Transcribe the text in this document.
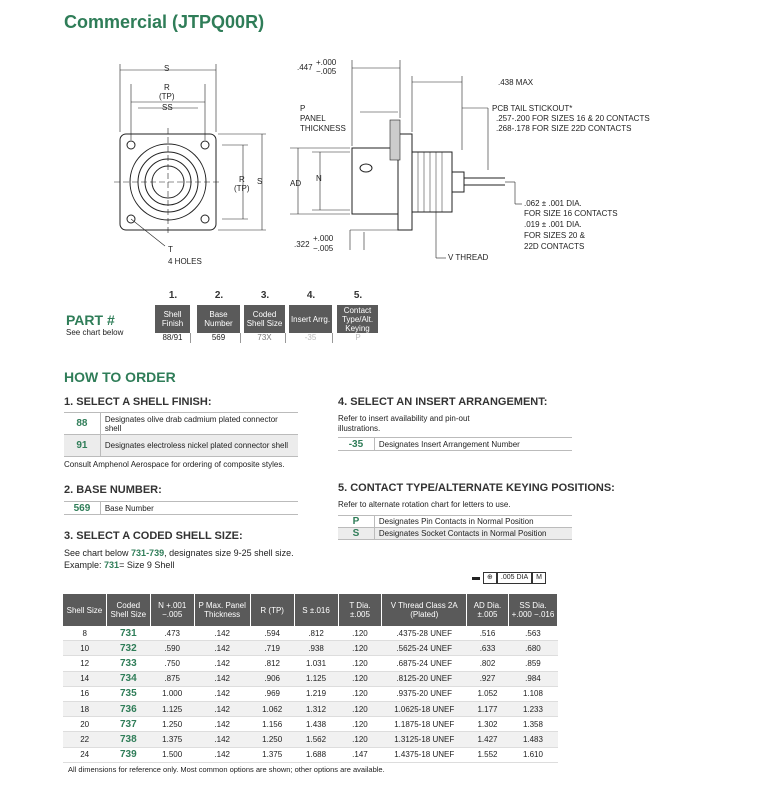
Commercial (JTPQ00R)
S
R
(TP)
SS
R
(TP)
S
T
4 HOLES
.447
+.000
−.005
.438 MAX
P
PANEL
THICKNESS
PCB TAIL STICKOUT*
.257-.200 FOR SIZES 16 & 20 CONTACTS
.268-.178 FOR SIZE 22D CONTACTS
AD
N
.062 ± .001 DIA.
FOR SIZE 16 CONTACTS
.019 ± .001 DIA.
FOR SIZES 20 &
22D CONTACTS
.322
+.000
−.005
V THREAD
PART #
See chart below
1.
Shell Finish
88/91
2.
Base Number
569
3.
Coded Shell Size
73X
4.
Insert Arrg.
-35
5.
Contact Type/Alt. Keying
P
HOW TO ORDER
1. SELECT A SHELL FINISH:
88	Designates olive drab cadmium plated connector shell
91	Designates electroless nickel plated connector shell
Consult Amphenol Aerospace for ordering of composite styles.
2. BASE NUMBER:
569	Base Number
3. SELECT A CODED SHELL SIZE:
See chart below 731-739, designates size 9-25 shell size.
Example: 731= Size 9 Shell
4. SELECT AN INSERT ARRANGEMENT:
Refer to insert availability and pin-out illustrations.
-35	Designates Insert Arrangement Number
5. CONTACT TYPE/ALTERNATE KEYING POSITIONS:
Refer to alternate rotation chart for letters to use.
P	Designates Pin Contacts in Normal Position
S	Designates Socket Contacts in Normal Position
⊕	.005 DIA	M
Shell Size	Coded Shell Size	N +.001 −.005	P Max. Panel Thickness	R (TP)	S ±.016	T Dia. ±.005	V Thread Class 2A (Plated)	AD Dia. ±.005	SS Dia. +.000 −.016
8	731	.473	.142	.594	.812	.120	.4375-28 UNEF	.516	.563
10	732	.590	.142	.719	.938	.120	.5625-24 UNEF	.633	.680
12	733	.750	.142	.812	1.031	.120	.6875-24 UNEF	.802	.859
14	734	.875	.142	.906	1.125	.120	.8125-20 UNEF	.927	.984
16	735	1.000	.142	.969	1.219	.120	.9375-20 UNEF	1.052	1.108
18	736	1.125	.142	1.062	1.312	.120	1.0625-18 UNEF	1.177	1.233
20	737	1.250	.142	1.156	1.438	.120	1.1875-18 UNEF	1.302	1.358
22	738	1.375	.142	1.250	1.562	.120	1.3125-18 UNEF	1.427	1.483
24	739	1.500	.142	1.375	1.688	.147	1.4375-18 UNEF	1.552	1.610
All dimensions for reference only. Most common options are shown; other options are available.
